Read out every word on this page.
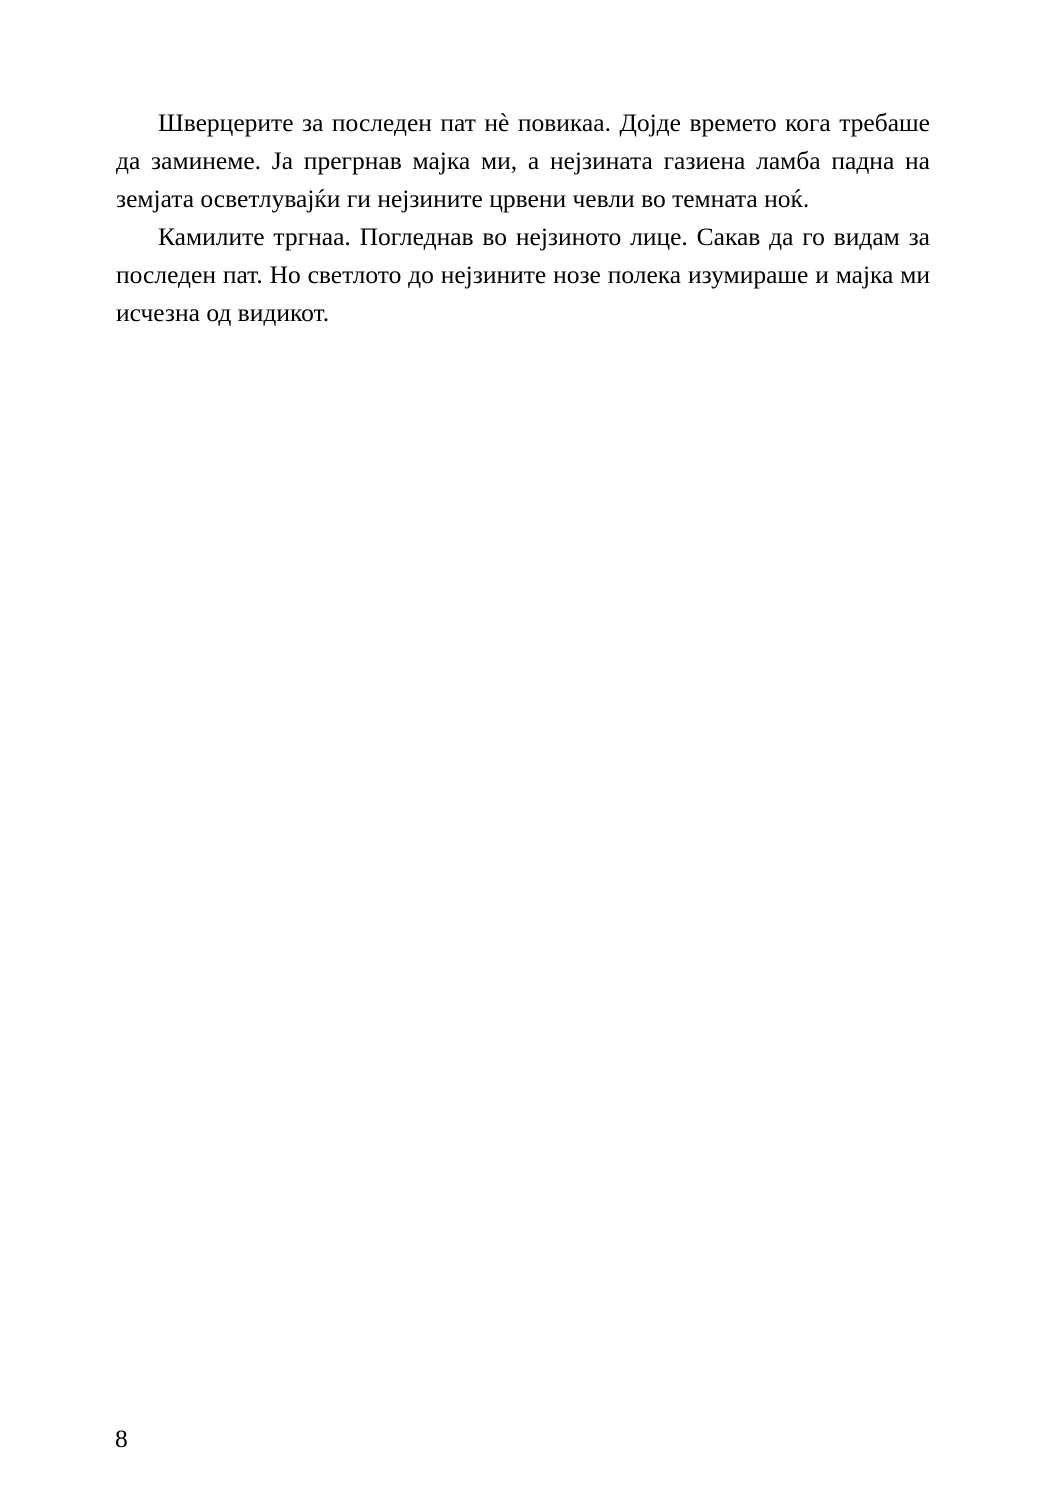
Шверцерите за последен пат нѐ повикаа. Дојде времето кога требаше да заминеме. Ја прегрнав мајка ми, а нејзината газиена ламба падна на земјата осветлувајќи ги нејзините црвени чевли во темната ноќ.

Камилите тргнаа. Погледнав во нејзиното лице. Сакав да го видам за последен пат. Но светлото до нејзините нозе полека изумираше и мајка ми исчезна од видикот.

8
